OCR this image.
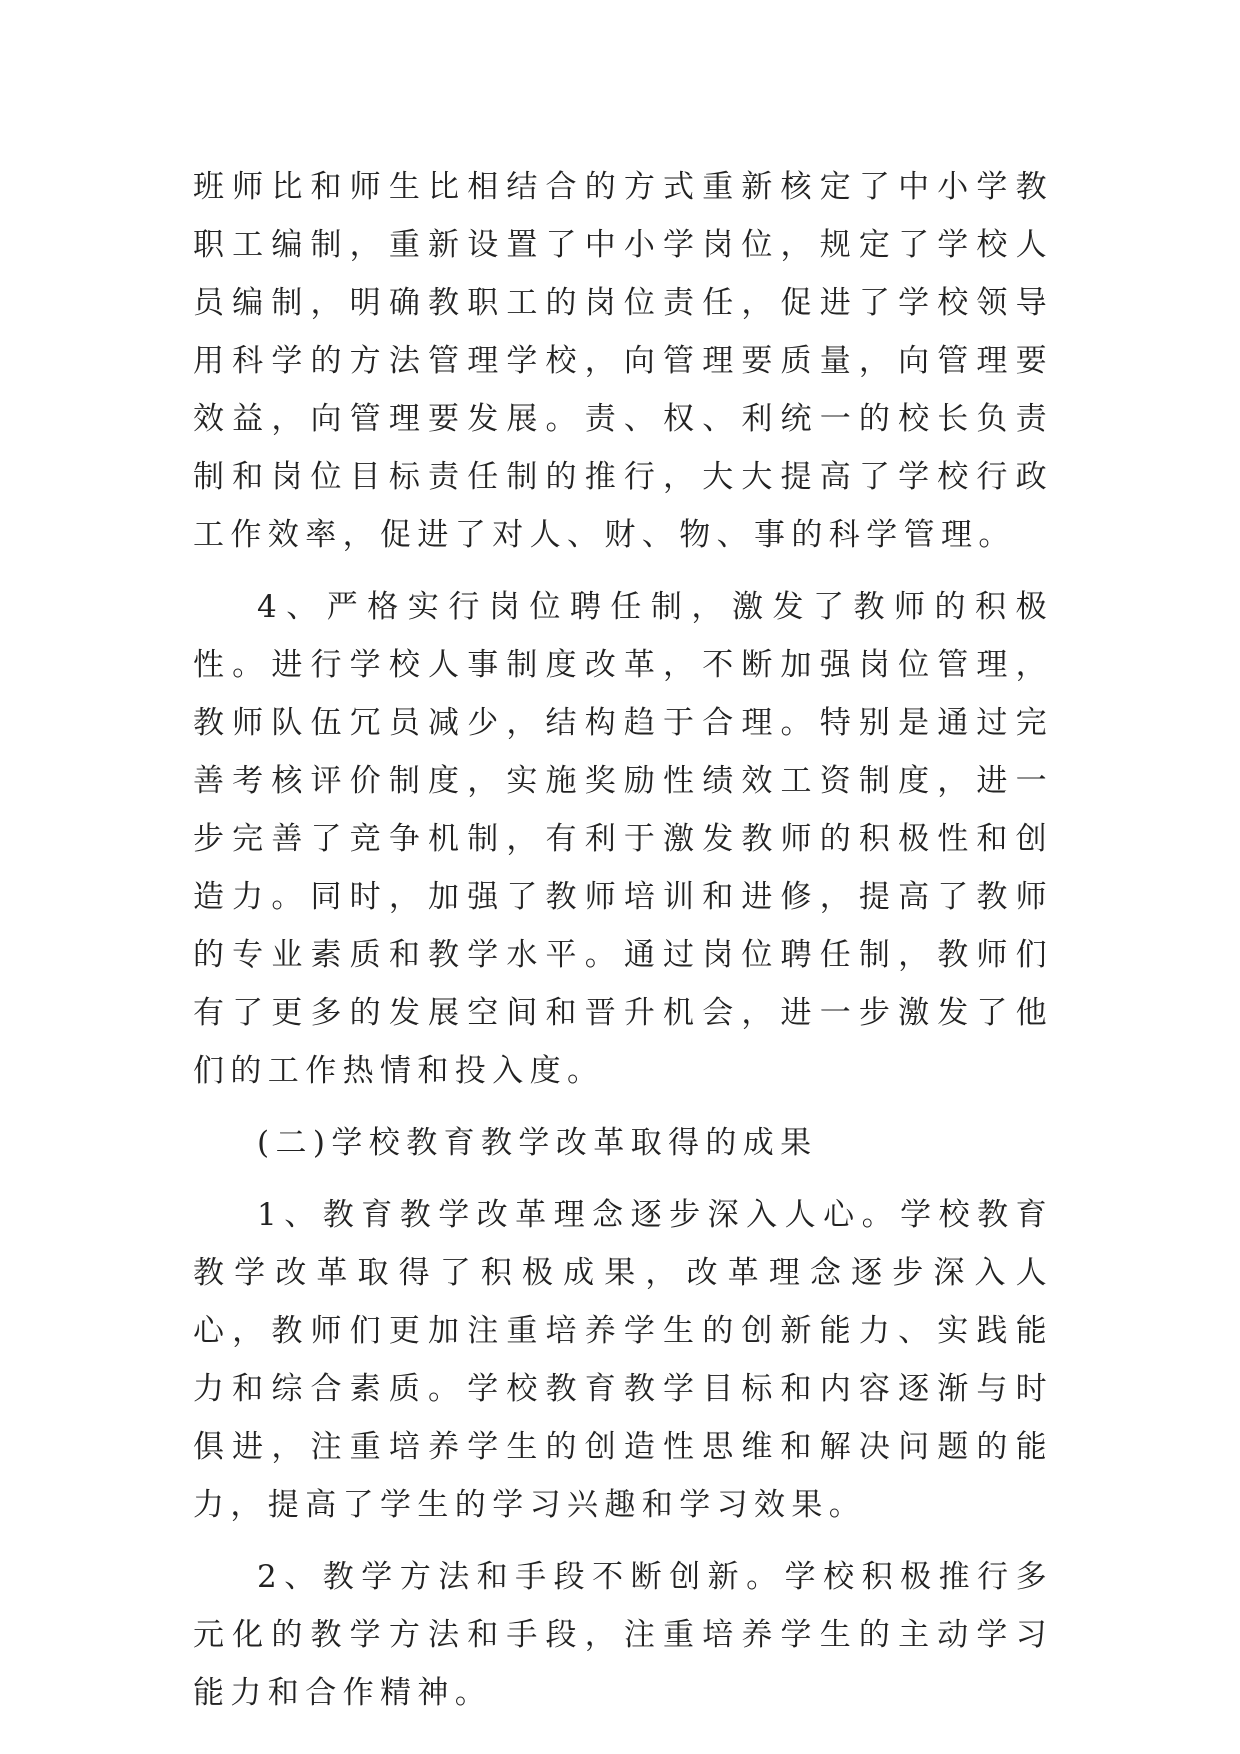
班师比和师生比相结合的方式重新核定了中小学教职工编制，重新设置了中小学岗位，规定了学校人员编制，明确教职工的岗位责任，促进了学校领导用科学的方法管理学校，向管理要质量，向管理要效益，向管理要发展。责、权、利统一的校长负责制和岗位目标责任制的推行，大大提高了学校行政工作效率，促进了对人、财、物、事的科学管理。

4、严格实行岗位聘任制，激发了教师的积极性。进行学校人事制度改革，不断加强岗位管理，教师队伍冗员减少，结构趋于合理。特别是通过完善考核评价制度，实施奖励性绩效工资制度，进一步完善了竞争机制，有利于激发教师的积极性和创造力。同时，加强了教师培训和进修，提高了教师的专业素质和教学水平。通过岗位聘任制，教师们有了更多的发展空间和晋升机会，进一步激发了他们的工作热情和投入度。

(二)学校教育教学改革取得的成果

1、教育教学改革理念逐步深入人心。学校教育教学改革取得了积极成果，改革理念逐步深入人心，教师们更加注重培养学生的创新能力、实践能力和综合素质。学校教育教学目标和内容逐渐与时俱进，注重培养学生的创造性思维和解决问题的能力，提高了学生的学习兴趣和学习效果。

2、教学方法和手段不断创新。学校积极推行多元化的教学方法和手段，注重培养学生的主动学习能力和合作精神。
